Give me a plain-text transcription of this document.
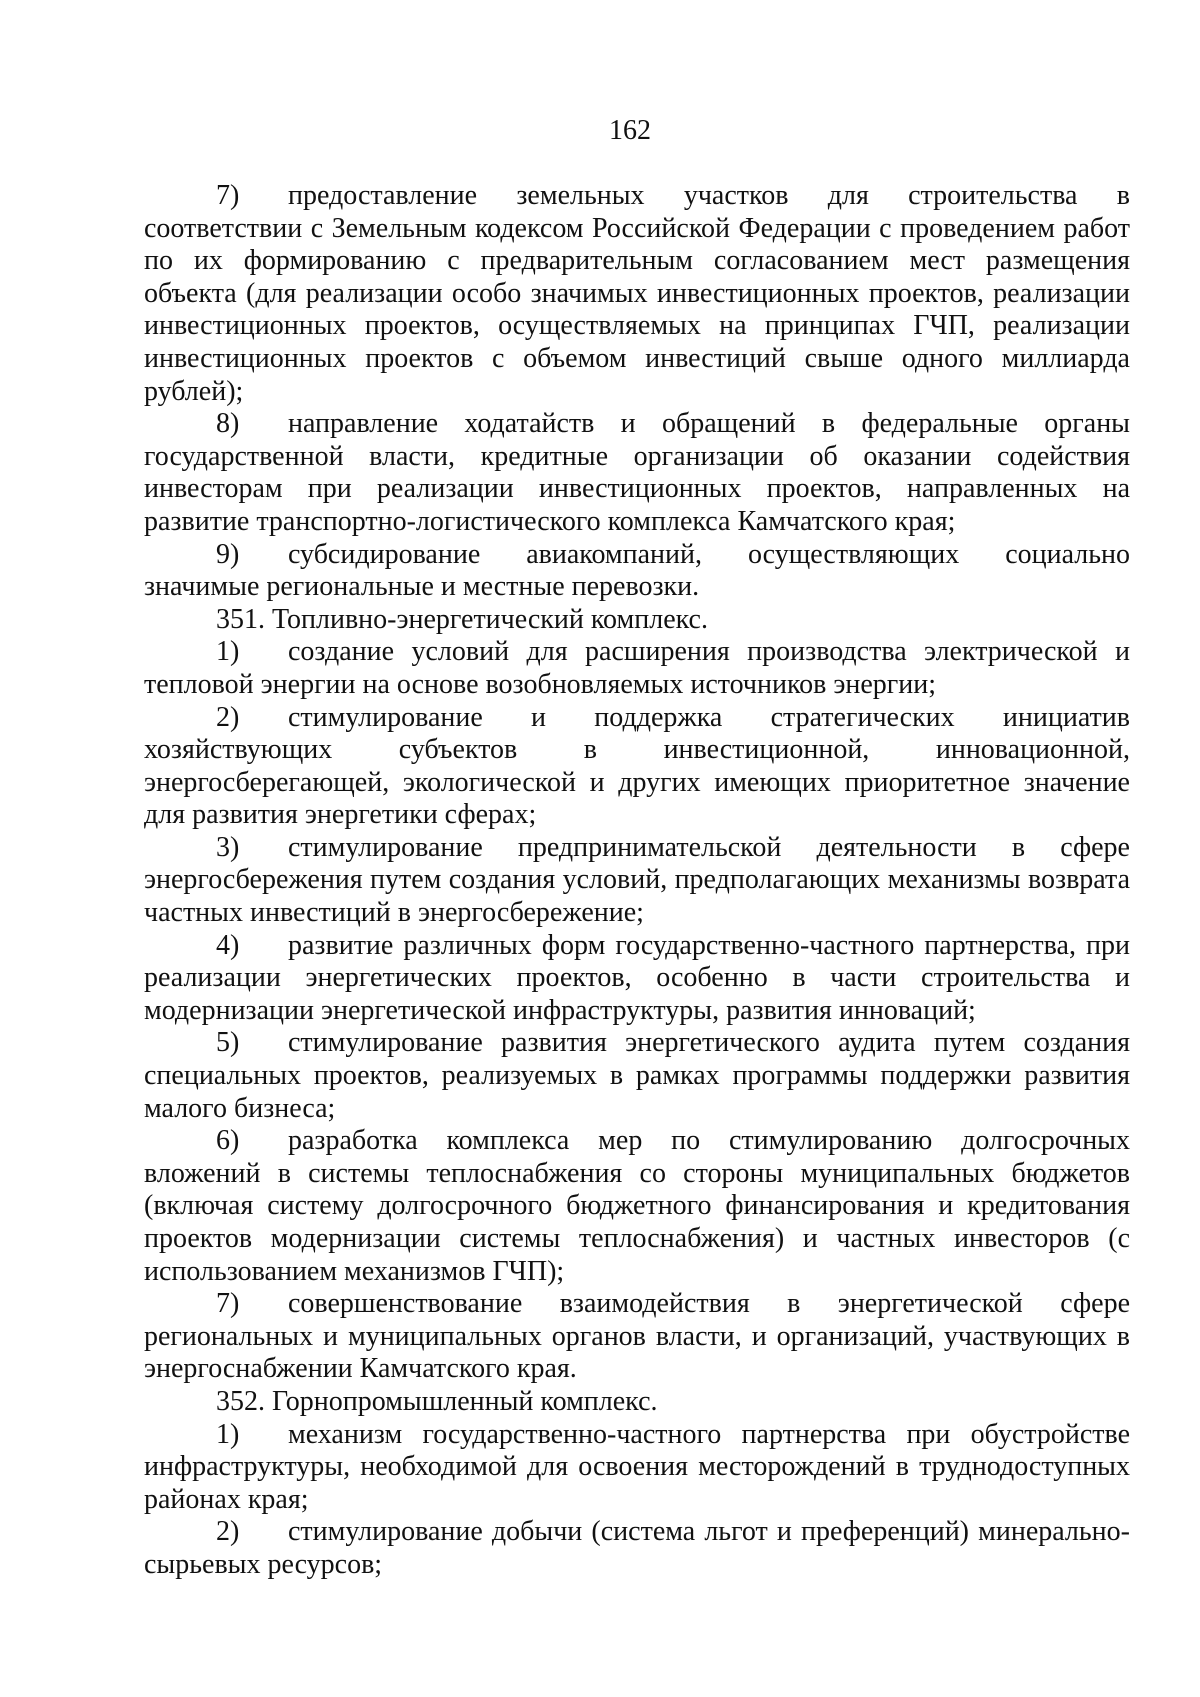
162

7) предоставление земельных участков для строительства в соответствии с Земельным кодексом Российской Федерации с проведением работ по их формированию с предварительным согласованием мест размещения объекта (для реализации особо значимых инвестиционных проектов, реализации инвестиционных проектов, осуществляемых на принципах ГЧП, реализации инвестиционных проектов с объемом инвестиций свыше одного миллиарда рублей);

8) направление ходатайств и обращений в федеральные органы государственной власти, кредитные организации об оказании содействия инвесторам при реализации инвестиционных проектов, направленных на развитие транспортно-логистического комплекса Камчатского края;

9) субсидирование авиакомпаний, осуществляющих социально значимые региональные и местные перевозки.

351. Топливно-энергетический комплекс.

1) создание условий для расширения производства электрической и тепловой энергии на основе возобновляемых источников энергии;

2) стимулирование и поддержка стратегических инициатив хозяйствующих субъектов в инвестиционной, инновационной, энергосберегающей, экологической и других имеющих приоритетное значение для развития энергетики сферах;

3) стимулирование предпринимательской деятельности в сфере энергосбережения путем создания условий, предполагающих механизмы возврата частных инвестиций в энергосбережение;

4) развитие различных форм государственно-частного партнерства, при реализации энергетических проектов, особенно в части строительства и модернизации энергетической инфраструктуры, развития инноваций;

5) стимулирование развития энергетического аудита путем создания специальных проектов, реализуемых в рамках программы поддержки развития малого бизнеса;

6) разработка комплекса мер по стимулированию долгосрочных вложений в системы теплоснабжения со стороны муниципальных бюджетов (включая систему долгосрочного бюджетного финансирования и кредитования проектов модернизации системы теплоснабжения) и частных инвесторов (с использованием механизмов ГЧП);

7) совершенствование взаимодействия в энергетической сфере региональных и муниципальных органов власти, и организаций, участвующих в энергоснабжении Камчатского края.

352. Горнопромышленный комплекс.

1) механизм государственно-частного партнерства при обустройстве инфраструктуры, необходимой для освоения месторождений в труднодоступных районах края;

2) стимулирование добычи (система льгот и преференций) минерально-сырьевых ресурсов;
